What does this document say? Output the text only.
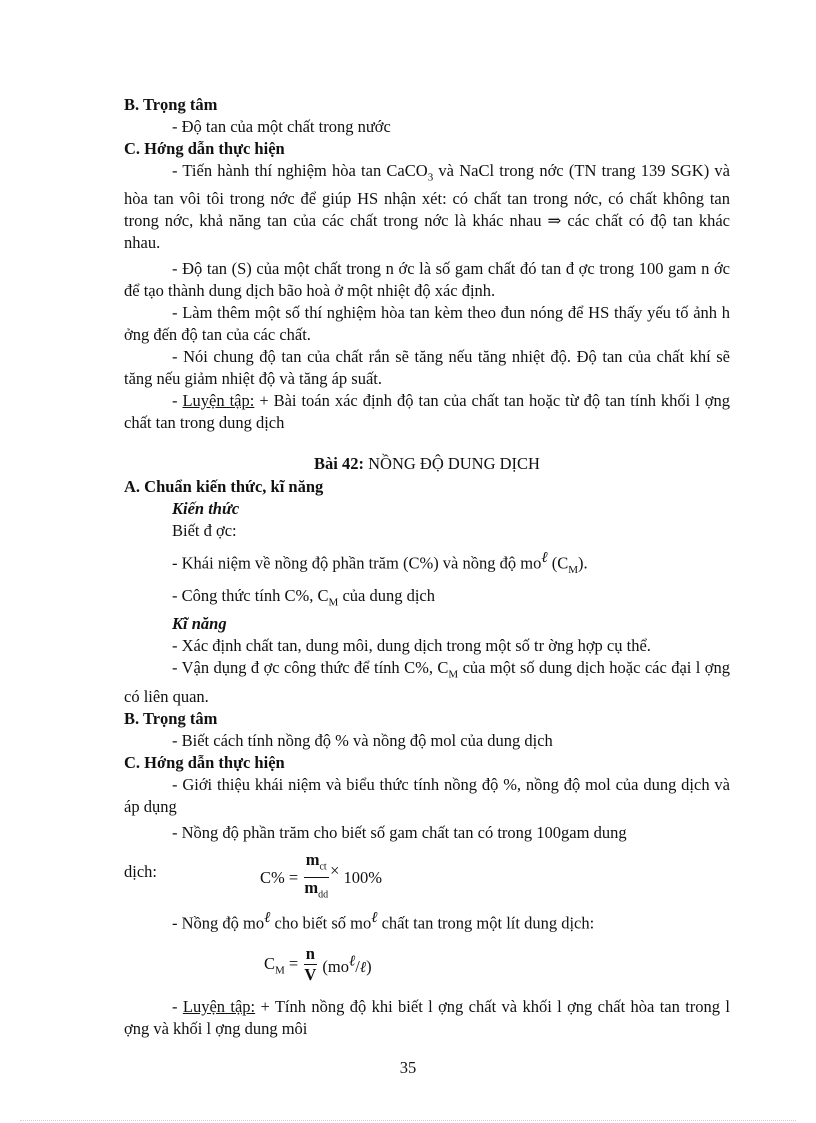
B. Trọng tâm
- Độ tan của một chất trong nước
C. Hớng dẫn thực hiện

- Tiến hành thí nghiệm hòa tan CaCO$_3$ và NaCl trong nớc (TN trang 139 SGK) và hòa tan vôi tôi trong nớc để giúp HS nhận xét: có chất tan trong nớc, có chất không tan trong nớc, khả năng tan của các chất trong nớc là khác nhau ⇒ các chất có độ tan khác nhau.

- Độ tan (S) của một chất trong n ớc là số gam chất đó tan đ ợc trong 100 gam n ớc để tạo thành dung dịch bão hoà ở một nhiệt độ xác định.

- Làm thêm một số thí nghiệm hòa tan kèm theo đun nóng để HS thấy yếu tố ảnh h ởng đến độ tan của các chất.

- Nói chung độ tan của chất rắn sẽ tăng nếu tăng nhiệt độ. Độ tan của chất khí sẽ tăng nếu giảm nhiệt độ và tăng áp suất.

- Luyện tập: + Bài toán xác định độ tan của chất tan hoặc từ độ tan tính khối l ợng chất tan trong dung dịch

Bài 42: NỒNG ĐỘ DUNG DỊCH
A. Chuẩn kiến thức, kĩ năng
Kiến thức
Biết đ ợc:
- Khái niệm về nồng độ phần trăm (C%) và nồng độ $mo^\ell$ $(C_M)$.
- Công thức tính C%, $C_M$ của dung dịch
Kĩ năng
- Xác định chất tan, dung môi, dung dịch trong một số tr ờng hợp cụ thể.

- Vận dụng đ ợc công thức để tính C%, $C_M$ của một số dung dịch hoặc các đại l ợng có liên quan.

B. Trọng tâm
- Biết cách tính nồng độ % và nồng độ mol của dung dịch
C. Hớng dẫn thực hiện

- Giới thiệu khái niệm và biểu thức tính nồng độ %, nồng độ mol của dung dịch và áp dụng

- Nồng độ phần trăm cho biết số gam chất tan có trong 100gam dung

dịch:	$C\% = \frac{m_{ct}}{m_{dd}} \times 100\%$
- Nồng độ $mo^\ell$ cho biết số $mo^\ell$ chất tan trong một lít dung dịch:
$C_M = \frac{n}{V}$ $(mo^\ell/\ell)$

- Luyện tập: + Tính nồng độ khi biết l ợng chất và khối l ợng chất hòa tan trong l ợng và khối l ợng dung môi

35
